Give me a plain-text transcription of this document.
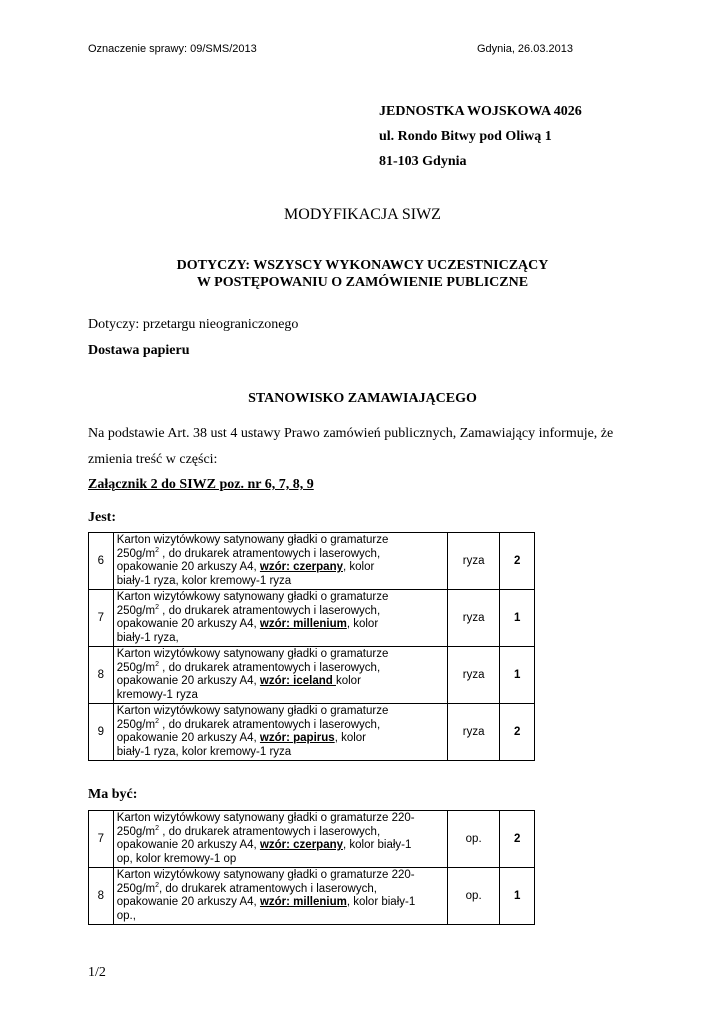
Oznaczenie sprawy: 09/SMS/2013	Gdynia, 26.03.2013
JEDNOSTKA WOJSKOWA 4026
ul. Rondo Bitwy pod Oliwą 1
81-103 Gdynia
MODYFIKACJA SIWZ
DOTYCZY: WSZYSCY WYKONAWCY UCZESTNICZĄCY
W POSTĘPOWANIU O ZAMÓWIENIE PUBLICZNE
Dotyczy: przetargu nieograniczonego
Dostawa papieru
STANOWISKO ZAMAWIAJĄCEGO
Na podstawie Art. 38 ust 4 ustawy Prawo zamówień publicznych, Zamawiający informuje, że
zmienia treść w części:
Załącznik 2 do SIWZ poz. nr 6, 7, 8, 9
Jest:
6	Karton wizytówkowy satynowany gładki o gramaturze
$250g/m^2$ , do drukarek atramentowych i laserowych,
opakowanie 20 arkuszy A4, wzór: czerpany, kolor
biały-1 ryza, kolor kremowy-1 ryza	ryza	2
7	Karton wizytówkowy satynowany gładki o gramaturze
$250g/m^2$ , do drukarek atramentowych i laserowych,
opakowanie 20 arkuszy A4, wzór: millenium, kolor
biały-1 ryza,	ryza	1
8	Karton wizytówkowy satynowany gładki o gramaturze
$250g/m^2$ , do drukarek atramentowych i laserowych,
opakowanie 20 arkuszy A4, wzór: iceland kolor
kremowy-1 ryza	ryza	1
9	Karton wizytówkowy satynowany gładki o gramaturze
$250g/m^2$ , do drukarek atramentowych i laserowych,
opakowanie 20 arkuszy A4, wzór: papirus, kolor
biały-1 ryza, kolor kremowy-1 ryza	ryza	2
Ma być:
7	Karton wizytówkowy satynowany gładki o gramaturze 220-
$250g/m^2$ , do drukarek atramentowych i laserowych,
opakowanie 20 arkuszy A4, wzór: czerpany, kolor biały-1
op, kolor kremowy-1 op	op.	2
8	Karton wizytówkowy satynowany gładki o gramaturze 220-
$250g/m^2$, do drukarek atramentowych i laserowych,
opakowanie 20 arkuszy A4, wzór: millenium, kolor biały-1
op.,	op.	1
1/2
